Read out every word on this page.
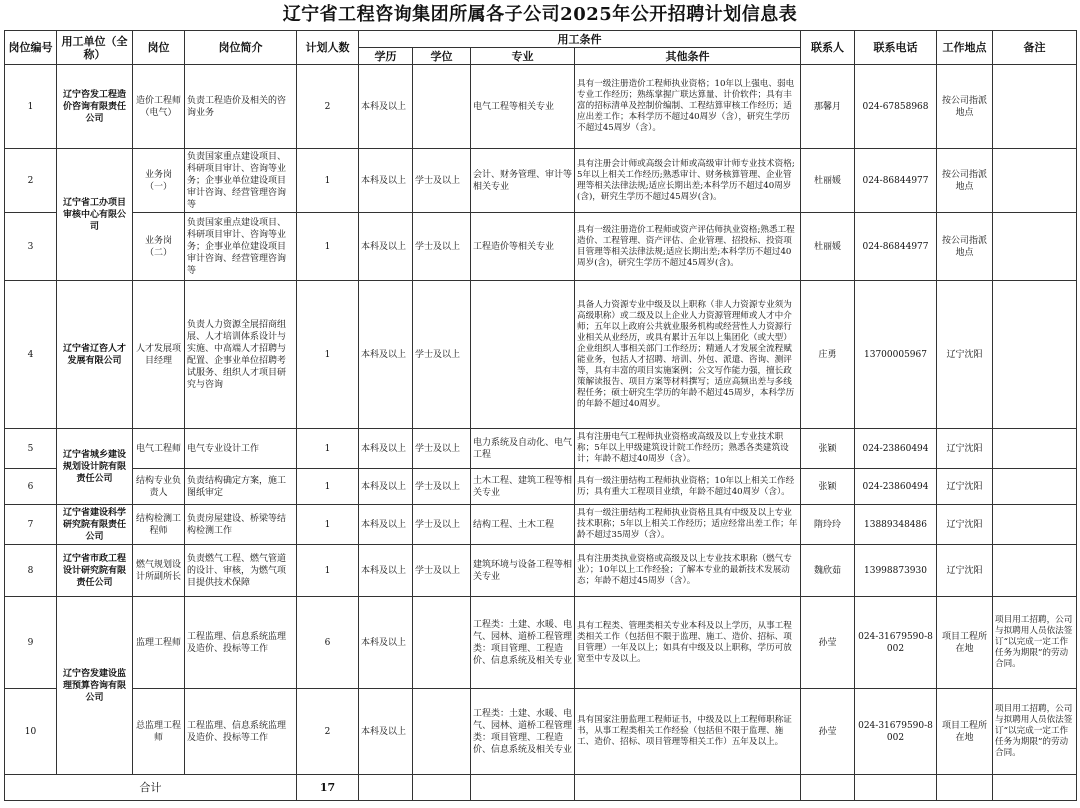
辽宁省工程咨询集团所属各子公司2025年公开招聘计划信息表
岗位编号	用工单位（全称）	岗位	岗位简介	计划人数	用工条件				联系人	联系电话	工作地点	备注
					学历	学位	专业	其他条件				
1	辽宁咨发工程造价咨询有限责任公司	造价工程师（电气）	负责工程造价及相关的咨询业务	2	本科及以上		电气工程等相关专业	具有一级注册造价工程师执业资格；10年以上强电、弱电专业工作经历；熟练掌握广联达算量、计价软件；具有丰富的招标清单及控制价编制、工程结算审核工作经历；适应出差工作；本科学历不超过40周岁（含），研究生学历不超过45周岁（含）。	那馨月	024-67858968	按公司指派地点	
2	辽宁省工办项目审核中心有限公司	业务岗（一）	负责国家重点建设项目、科研项目审计、咨询等业务；企事业单位建设项目审计咨询、经营管理咨询等	1	本科及以上	学士及以上	会计、财务管理、审计等相关专业	具有注册会计师或高级会计师或高级审计师专业技术资格;5年以上相关工作经历;熟悉审计、财务核算管理、企业管理等相关法律法规;适应长期出差;本科学历不超过40周岁(含)，研究生学历不超过45周岁(含)。	杜丽媛	024-86844977	按公司指派地点	
3		业务岗（二）	负责国家重点建设项目、科研项目审计、咨询等业务；企事业单位建设项目审计咨询、经营管理咨询等	1	本科及以上	学士及以上	工程造价等相关专业	具有一级注册造价工程师或资产评估师执业资格;熟悉工程造价、工程管理、资产评估、企业管理、招投标、投资项目管理等相关法律法规;适应长期出差;本科学历不超过40周岁(含)，研究生学历不超过45周岁(含)。	杜丽媛	024-86844977	按公司指派地点	
4	辽宁省辽咨人才发展有限公司	人才发展项目经理	负责人力资源全展招商组展、人才培训体系设计与实施、中高端人才招聘与配置、企事业单位招聘考试服务、组织人才项目研究与咨询	1	本科及以上	学士及以上		具备人力资源专业中级及以上职称（非人力资源专业须为高级职称）或二级及以上企业人力资源管理师或人才中介师；五年以上政府公共就业服务机构或经营性人力资源行业相关从业经历，或具有累计五年以上集团化（或大型）企业组织人事相关部门工作经历；精通人才发展全流程赋能业务，包括人才招聘、培训、外包、派遣、咨询、测评等，具有丰富的项目实施案例；公文写作能力强，擅长政策解读报告、项目方案等材料撰写；适应高频出差与多线程任务；硕士研究生学历的年龄不超过45周岁，本科学历的年龄不超过40周岁。	庄勇	13700005967	辽宁沈阳	
5	辽宁省城乡建设规划设计院有限责任公司	电气工程师	电气专业设计工作	1	本科及以上	学士及以上	电力系统及自动化、电气工程	具有注册电气工程师执业资格或高级及以上专业技术职称；5年以上甲级建筑设计院工作经历；熟悉各类建筑设计；年龄不超过40周岁（含）。	张颖	024-23860494	辽宁沈阳	
6		结构专业负责人	负责结构确定方案，施工图纸审定	1	本科及以上	学士及以上	土木工程、建筑工程等相关专业	具有一级注册结构工程师执业资格；10年以上相关工作经历；具有重大工程项目业绩，年龄不超过40周岁（含）。	张颖	024-23860494	辽宁沈阳	
7	辽宁省建设科学研究院有限责任公司	结构检测工程师	负责房屋建设、桥梁等结构检测工作	1	本科及以上	学士及以上	结构工程、土木工程	具有一级注册结构工程师执业资格且具有中级及以上专业技术职称；5年以上相关工作经历；适应经常出差工作；年龄不超过35周岁（含）。	隋玲玲	13889348486	辽宁沈阳	
8	辽宁省市政工程设计研究院有限责任公司	燃气规划设计所副所长	负责燃气工程、燃气管道的设计、审核，为燃气项目提供技术保障	1	本科及以上	学士及以上	建筑环境与设备工程等相关专业	具有注册类执业资格或高级及以上专业技术职称（燃气专业）；10年以上工作经验；了解本专业的最新技术发展动态；年龄不超过45周岁（含）。	魏欣茹	13998873930	辽宁沈阳	
9	辽宁咨发建设监理预算咨询有限公司	监理工程师	工程监理、信息系统监理及造价、投标等工作	6	本科及以上		工程类：土建、水暖、电气、园林、道桥工程管理类：项目管理、工程造价、信息系统及相关专业	具有工程类、管理类相关专业本科及以上学历，从事工程类相关工作（包括但不限于监理、施工、造价、招标、项目管理）一年及以上；如具有中级及以上职称，学历可放宽至中专及以上。	孙莹	024-31679590-8002	项目工程所在地	项目用工招聘，公司与拟聘用人员依法签订“以完成一定工作任务为期限”的劳动合同。
10		总监理工程师	工程监理、信息系统监理及造价、投标等工作	2	本科及以上		工程类：土建、水暖、电气、园林、道桥工程管理类：项目管理、工程造价、信息系统及相关专业	具有国家注册监理工程师证书，中级及以上工程师职称证书，从事工程类相关工作经验（包括但不限于监理、施工、造价、招标、项目管理等相关工作）五年及以上。	孙莹	024-31679590-8002	项目工程所在地	项目用工招聘，公司与拟聘用人员依法签订“以完成一定工作任务为期限”的劳动合同。
合计				17								
